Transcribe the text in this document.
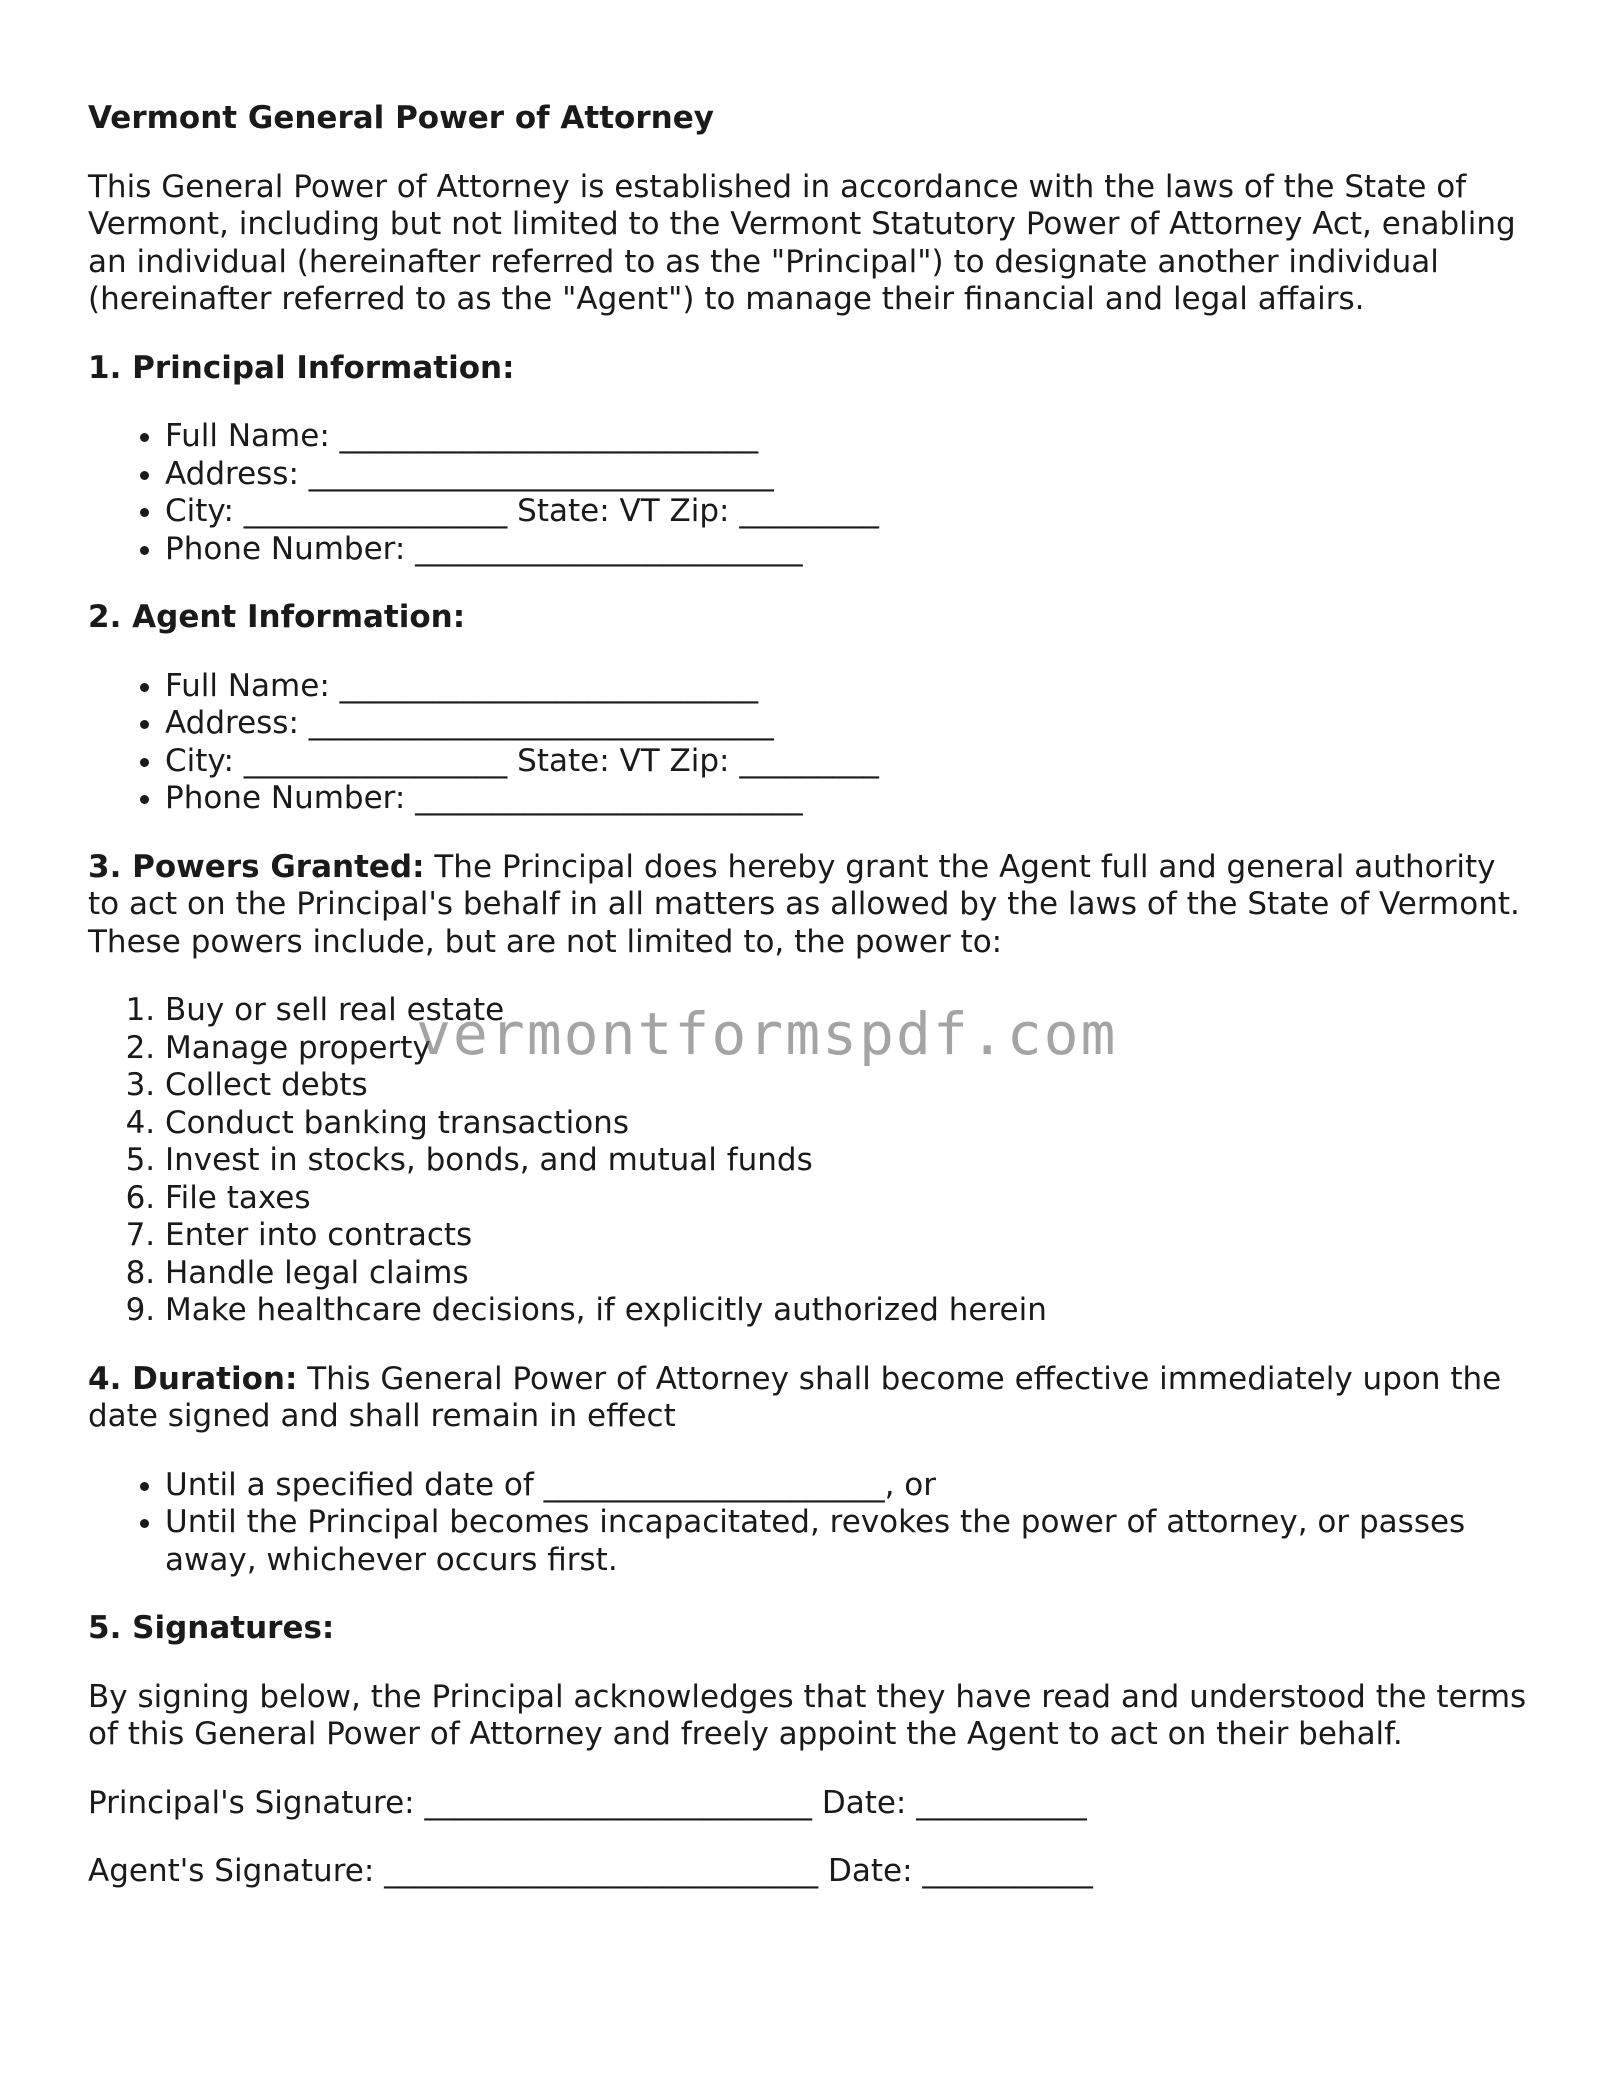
Vermont General Power of Attorney

This General Power of Attorney is established in accordance with the laws of the State of Vermont, including but not limited to the Vermont Statutory Power of Attorney Act, enabling an individual (hereinafter referred to as the "Principal") to designate another individual (hereinafter referred to as the "Agent") to manage their financial and legal affairs.

1. Principal Information:
• Full Name: ___________________________
• Address: ______________________________
• City: _________________ State: VT Zip: _________
• Phone Number: _________________________
2. Agent Information:
• Full Name: ___________________________
• Address: ______________________________
• City: _________________ State: VT Zip: _________
• Phone Number: _________________________

3. Powers Granted: The Principal does hereby grant the Agent full and general authority to act on the Principal's behalf in all matters as allowed by the laws of the State of Vermont. These powers include, but are not limited to, the power to:

1. Buy or sell real estate
2. Manage property
3. Collect debts
4. Conduct banking transactions
5. Invest in stocks, bonds, and mutual funds
6. File taxes
7. Enter into contracts
8. Handle legal claims
9. Make healthcare decisions, if explicitly authorized herein

4. Duration: This General Power of Attorney shall become effective immediately upon the date signed and shall remain in effect

• Until a specified date of ______________________, or
• Until the Principal becomes incapacitated, revokes the power of attorney, or passes away, whichever occurs first.
5. Signatures:

By signing below, the Principal acknowledges that they have read and understood the terms of this General Power of Attorney and freely appoint the Agent to act on their behalf.

Principal's Signature: _________________________ Date: ___________
Agent's Signature: ____________________________ Date: ___________
vermontformspdf.com
